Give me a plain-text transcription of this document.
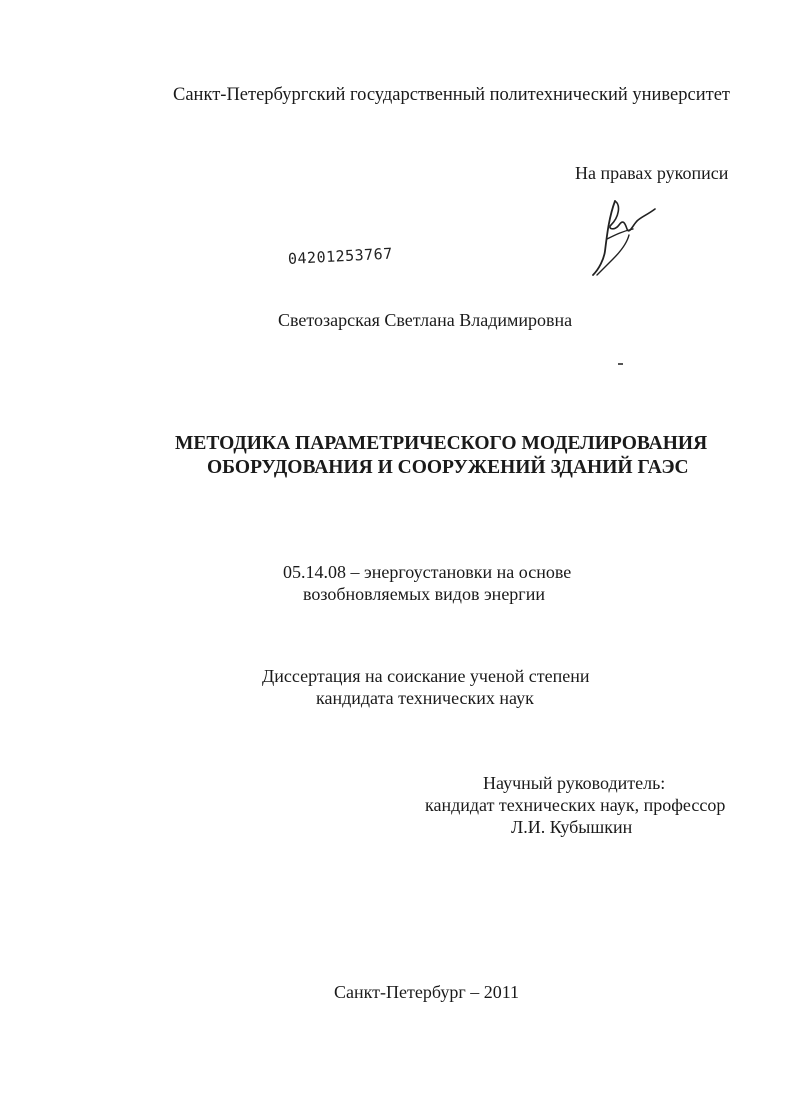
Санкт-Петербургский государственный политехнический университет
На правах рукописи
04201253767
Светозарская Светлана Владимировна
МЕТОДИКА ПАРАМЕТРИЧЕСКОГО МОДЕЛИРОВАНИЯ
ОБОРУДОВАНИЯ И СООРУЖЕНИЙ ЗДАНИЙ ГАЭС
05.14.08 – энергоустановки на основе
возобновляемых видов энергии
Диссертация на соискание ученой степени
кандидата технических наук
Научный руководитель:
кандидат технических наук, профессор
Л.И. Кубышкин
Санкт-Петербург – 2011
